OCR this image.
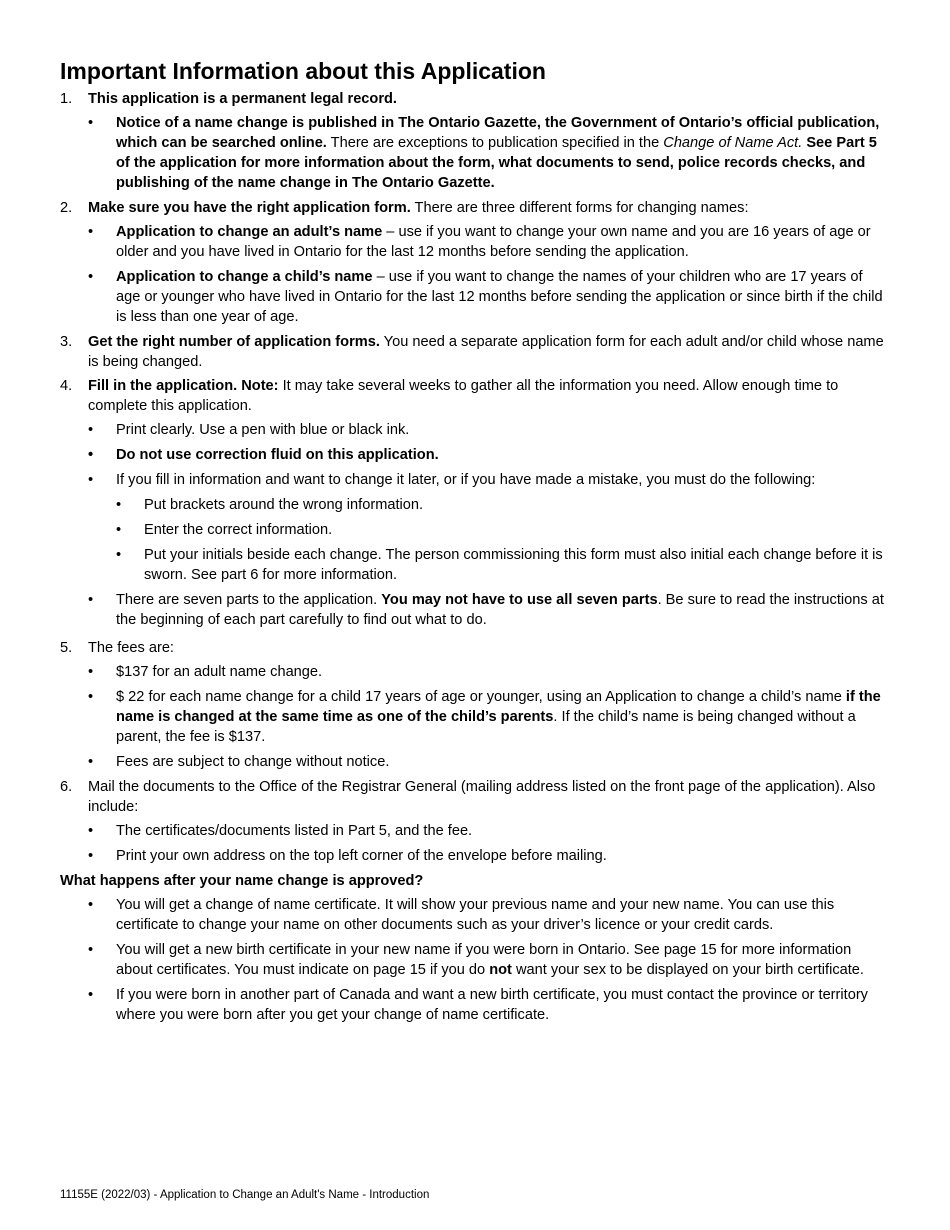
Important Information about this Application
1. This application is a permanent legal record.
• Notice of a name change is published in The Ontario Gazette, the Government of Ontario’s official publication, which can be searched online. There are exceptions to publication specified in the Change of Name Act. See Part 5 of the application for more information about the form, what documents to send, police records checks, and publishing of the name change in The Ontario Gazette.
2. Make sure you have the right application form. There are three different forms for changing names:
• Application to change an adult’s name – use if you want to change your own name and you are 16 years of age or older and you have lived in Ontario for the last 12 months before sending the application.
• Application to change a child’s name – use if you want to change the names of your children who are 17 years of age or younger who have lived in Ontario for the last 12 months before sending the application or since birth if the child is less than one year of age.
3. Get the right number of application forms. You need a separate application form for each adult and/or child whose name is being changed.
4. Fill in the application. Note: It may take several weeks to gather all the information you need. Allow enough time to complete this application.
• Print clearly. Use a pen with blue or black ink.
• Do not use correction fluid on this application.
• If you fill in information and want to change it later, or if you have made a mistake, you must do the following:
• Put brackets around the wrong information.
• Enter the correct information.
• Put your initials beside each change. The person commissioning this form must also initial each change before it is sworn. See part 6 for more information.
• There are seven parts to the application. You may not have to use all seven parts. Be sure to read the instructions at the beginning of each part carefully to find out what to do.
5. The fees are:
• $137 for an adult name change.
• $ 22 for each name change for a child 17 years of age or younger, using an Application to change a child’s name if the name is changed at the same time as one of the child’s parents. If the child’s name is being changed without a parent, the fee is $137.
• Fees are subject to change without notice.
6. Mail the documents to the Office of the Registrar General (mailing address listed on the front page of the application). Also include:
• The certificates/documents listed in Part 5, and the fee.
• Print your own address on the top left corner of the envelope before mailing.
What happens after your name change is approved?
• You will get a change of name certificate. It will show your previous name and your new name. You can use this certificate to change your name on other documents such as your driver’s licence or your credit cards.
• You will get a new birth certificate in your new name if you were born in Ontario. See page 15 for more information about certificates. You must indicate on page 15 if you do not want your sex to be displayed on your birth certificate.
• If you were born in another part of Canada and want a new birth certificate, you must contact the province or territory where you were born after you get your change of name certificate.
11155E (2022/03) - Application to Change an Adult's Name - Introduction
